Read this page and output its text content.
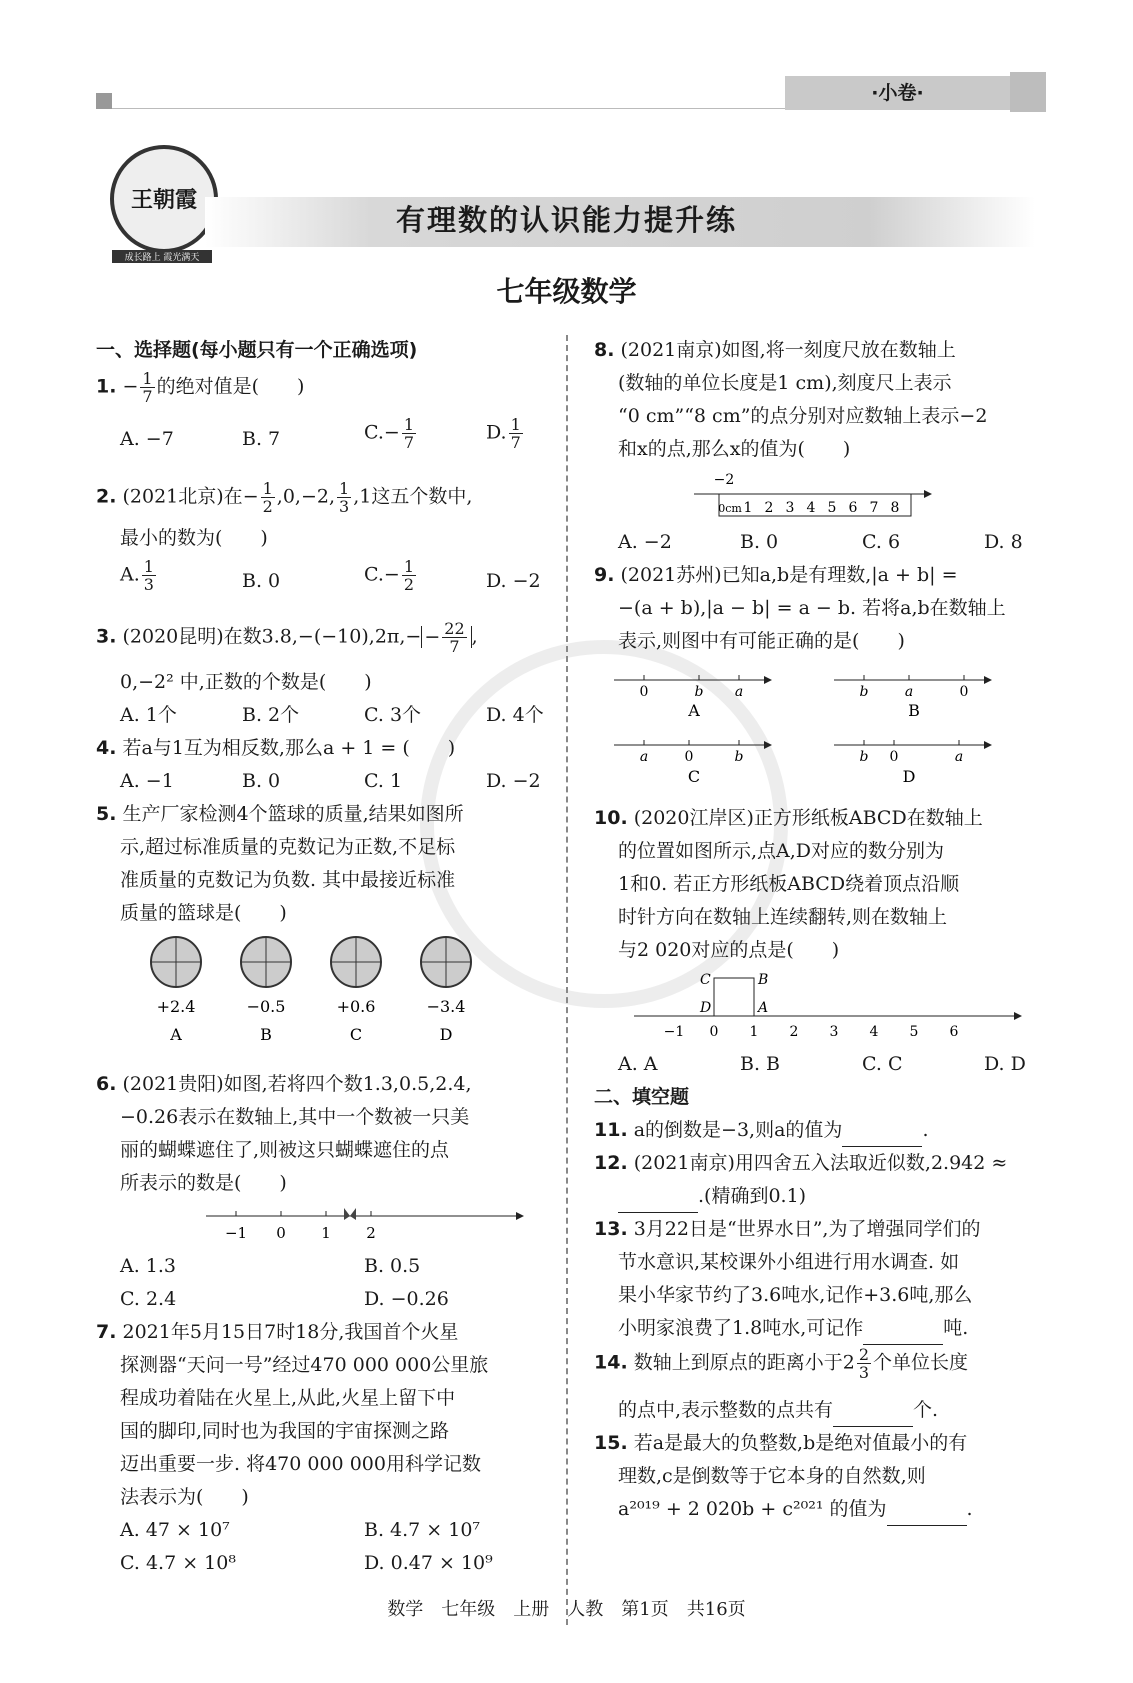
·小卷·
王朝霞
成长路上 霞光满天
有理数的认识能力提升练
七年级数学
一、选择题(每小题只有一个正确选项)
1. − $\frac{1}{7}$ 的绝对值是(　　)
A. −7	B. 7	$C.- \frac{1}{7}$	D. $\frac{1}{7}$
2. (2021北京)在− $\frac{1}{2} ,0,-2$, $\frac{1}{3} ,1$这五个数中,
最小的数为(　　)
A. $\frac{1}{3}$	B. 0	$C.- \frac{1}{2}$	D. −2
3. (2020昆明)在数$3.8,-(-10),2\pi,- - \frac{22}{7}$ ,
0,−2² 中,正数的个数是(　　)
A. 1个	B. 2个	C. 3个	D. 4个
4. 若a与1互为相反数,那么a + 1 = (　　)
A. −1	B. 0	C. 1	D. −2
5. 生产厂家检测4个篮球的质量,结果如图所
示,超过标准质量的克数记为正数,不足标
准质量的克数记为负数. 其中最接近标准
质量的篮球是(　　)
+2.4	−0.5	+0.6	−3.4
A	B	C	D
6. (2021贵阳)如图,若将四个数1.3,0.5,2.4,
−0.26表示在数轴上,其中一个数被一只美
丽的蝴蝶遮住了,则被这只蝴蝶遮住的点
所表示的数是(　　)
−1 0 1 2
A. 1.3	B. 0.5
C. 2.4	D. −0.26
7. 2021年5月15日7时18分,我国首个火星
探测器“天问一号”经过470 000 000公里旅
程成功着陆在火星上,从此,火星上留下中
国的脚印,同时也为我国的宇宙探测之路
迈出重要一步. 将470 000 000用科学记数
法表示为(　　)
A. 47 × 10⁷	B. 4.7 × 10⁷
C. 4.7 × 10⁸	D. 0.47 × 10⁹
8. (2021南京)如图,将一刻度尺放在数轴上
(数轴的单位长度是1 cm),刻度尺上表示
“0 cm”“8 cm”的点分别对应数轴上表示−2
和x的点,那么x的值为(　　)
−2
0cm 1 2 3 4 5 6 7 8
A. −2	B. 0	C. 6	D. 8
9. (2021苏州)已知a,b是有理数,|a + b| =
−(a + b),|a − b| = a − b. 若将a,b在数轴上
表示,则图中有可能正确的是(　　)
0	b a
A
b	a	0
B
a	0	b
C
b 0	a
D
10. (2020江岸区)正方形纸板ABCD在数轴上
的位置如图所示,点A,D对应的数分别为
1和0. 若正方形纸板ABCD绕着顶点沿顺
时针方向在数轴上连续翻转,则在数轴上
与2 020对应的点是(　　)
B
C
D	A
−1 0 1 2 3 4 5 6
A. A	B. B	C. C	D. D
二、填空题
11. a的倒数是−3,则a的值为	.
12. (2021南京)用四舍五入法取近似数,2.942 ≈
.(精确到0.1)
13. 3月22日是“世界水日”,为了增强同学们的
节水意识,某校课外小组进行用水调查. 如
果小华家节约了3.6吨水,记作+3.6吨,那么
小明家浪费了1.8吨水,可记作	吨.
14. 数轴上到原点的距离小于$2 \frac{2}{3}$ 个单位长度
的点中,表示整数的点共有	个.
15. 若a是最大的负整数,b是绝对值最小的有
理数,c是倒数等于它本身的自然数,则
a²⁰¹⁹ + 2 020b + c²⁰²¹ 的值为	.
数学　七年级　上册　人教　第1页　共16页
